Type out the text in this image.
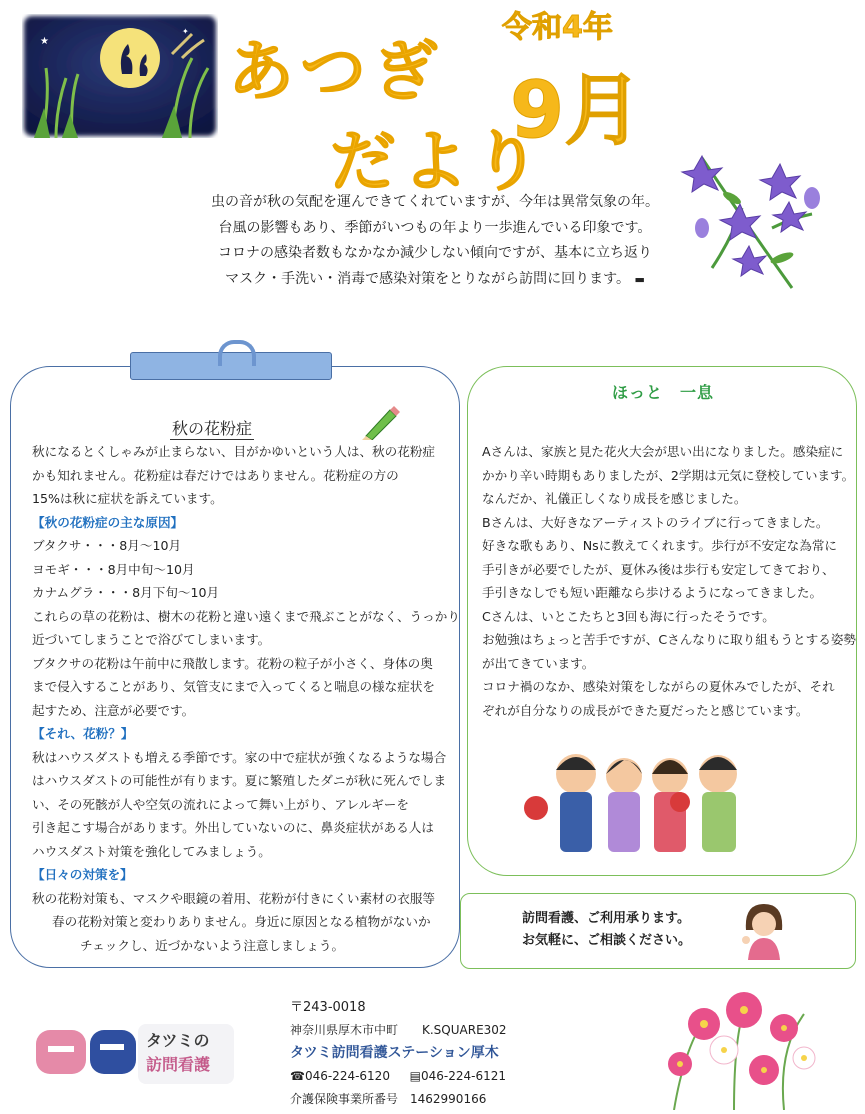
★
✦
あつぎ
だより
令和4年
9月
虫の音が秋の気配を運んできてくれていますが、今年は異常気象の年。
台風の影響もあり、季節がいつもの年より一歩進んでいる印象です。
コロナの感染者数もなかなか減少しない傾向ですが、基本に立ち返り
マスク・手洗い・消毒で感染対策をとりながら訪問に回ります。 ▬
秋の花粉症
秋になるとくしゃみが止まらない、目がかゆいという人は、秋の花粉症
かも知れません。花粉症は春だけではありません。花粉症の方の
15%は秋に症状を訴えています。
【秋の花粉症の主な原因】
ブタクサ・・・8月～10月
ヨモギ・・・8月中旬～10月
カナムグラ・・・8月下旬～10月
これらの草の花粉は、樹木の花粉と違い遠くまで飛ぶことがなく、うっかり
近づいてしまうことで浴びてしまいます。
ブタクサの花粉は午前中に飛散します。花粉の粒子が小さく、身体の奥
まで侵入することがあり、気管支にまで入ってくると喘息の様な症状を
起すため、注意が必要です。
【それ、花粉？】
秋はハウスダストも増える季節です。家の中で症状が強くなるような場合
はハウスダストの可能性が有ります。夏に繁殖したダニが秋に死んでしま
い、その死骸が人や空気の流れによって舞い上がり、アレルギーを
引き起こす場合があります。外出していないのに、鼻炎症状がある人は
ハウスダスト対策を強化してみましょう。
【日々の対策を】
秋の花粉対策も、マスクや眼鏡の着用、花粉が付きにくい素材の衣服等
春の花粉対策と変わりありません。身近に原因となる植物がないか
チェックし、近づかないよう注意しましょう。
ほっと　一息
Aさんは、家族と見た花火大会が思い出になりました。感染症に
かかり辛い時期もありましたが、2学期は元気に登校しています。
なんだか、礼儀正しくなり成長を感じました。
Bさんは、大好きなアーティストのライブに行ってきました。
好きな歌もあり、Nsに教えてくれます。歩行が不安定な為常に
手引きが必要でしたが、夏休み後は歩行も安定してきており、
手引きなしでも短い距離なら歩けるようになってきました。
Cさんは、いとこたちと3回も海に行ったそうです。
お勉強はちょっと苦手ですが、Cさんなりに取り組もうとする姿勢
が出てきています。
コロナ禍のなか、感染対策をしながらの夏休みでしたが、それ
ぞれが自分なりの成長ができた夏だったと感じています。
訪問看護、ご利用承ります。
お気軽に、ご相談ください。
タツミの
訪問看護
〒243-0018
神奈川県厚木市中町　　K.SQUARE302
タツミ訪問看護ステーション厚木
☎046-224-6120 ▤046-224-6121
介護保険事業所番号　1462990166
